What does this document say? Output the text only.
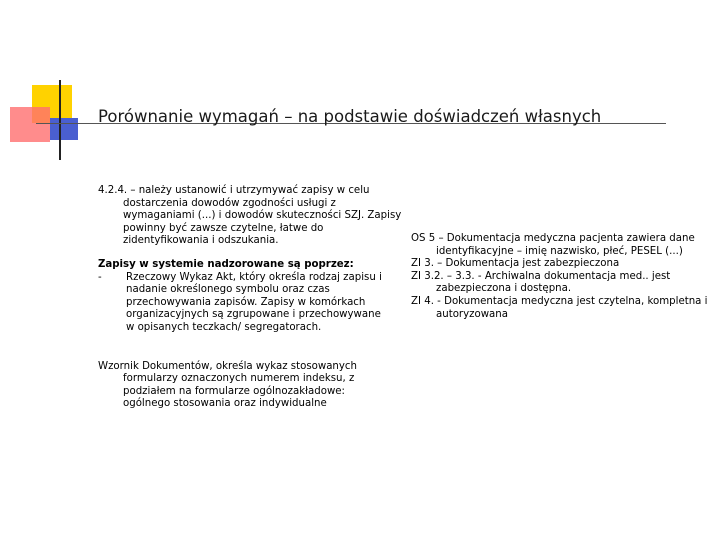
Porównanie wymagań – na podstawie doświadczeń własnych

4.2.4. – należy ustanowić i utrzymywać zapisy w celu dostarczenia dowodów zgodności usługi z wymaganiami (...) i dowodów skuteczności SZJ. Zapisy powinny być zawsze czytelne, łatwe do zidentyfikowania i odszukania.

Zapisy w systemie nadzorowane są poprzez:

- Rzeczowy Wykaz Akt, który określa rodzaj zapisu i nadanie określonego symbolu oraz czas przechowywania zapisów. Zapisy w komórkach organizacyjnych są zgrupowane i przechowywane w opisanych teczkach/ segregatorach.

Wzornik Dokumentów, określa wykaz stosowanych formularzy oznaczonych numerem indeksu, z podziałem na formularze ogólnozakładowe: ogólnego stosowania oraz indywidualne

OS 5 – Dokumentacja medyczna pacjenta zawiera dane identyfikacyjne – imię nazwisko, płeć, PESEL (...)

ZI 3. – Dokumentacja jest zabezpieczona

ZI 3.2. – 3.3. - Archiwalna dokumentacja med.. jest zabezpieczona i dostępna.

ZI 4. - Dokumentacja medyczna jest czytelna, kompletna i autoryzowana
